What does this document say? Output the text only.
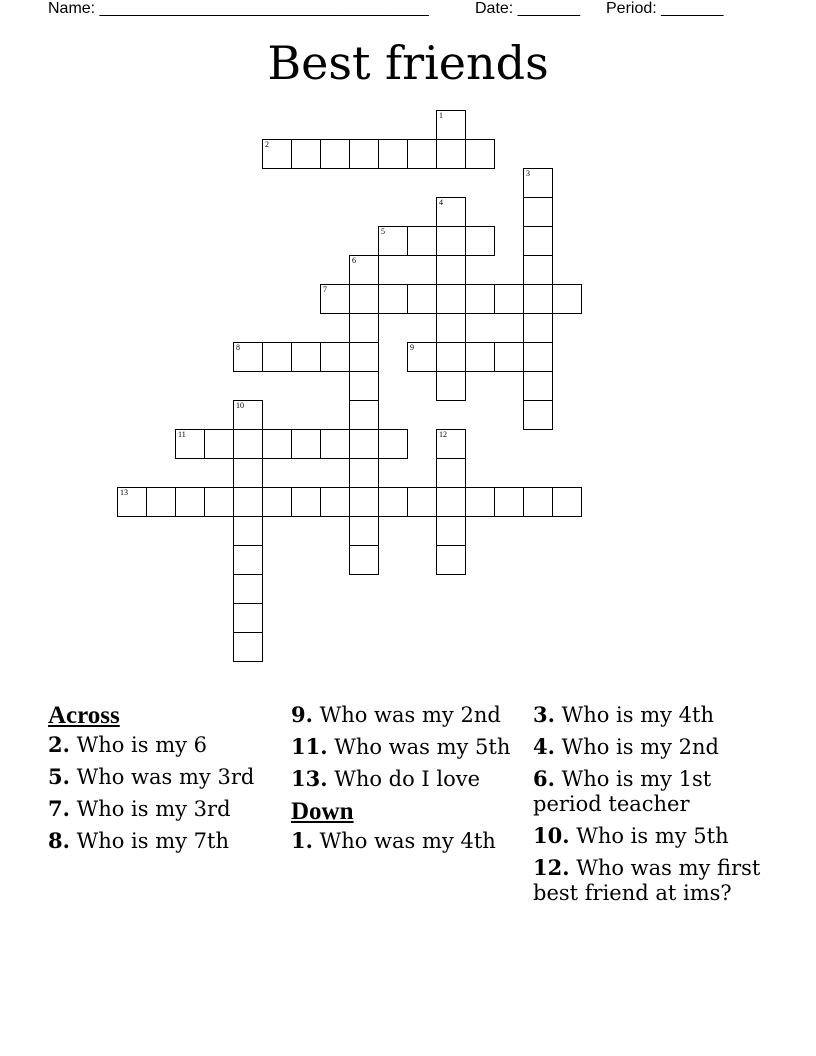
Name: _____________________________________	Date: _______ Period: _______
Best friends
1
2
3
4
5
6
7
8	9
10
11	12
13
Across
2. Who is my 6
5. Who was my 3rd
7. Who is my 3rd
8. Who is my 7th
9. Who was my 2nd
11. Who was my 5th
13. Who do I love
Down
1. Who was my 4th
3. Who is my 4th
4. Who is my 2nd
6. Who is my 1st period teacher
10. Who is my 5th
12. Who was my first best friend at ims?
